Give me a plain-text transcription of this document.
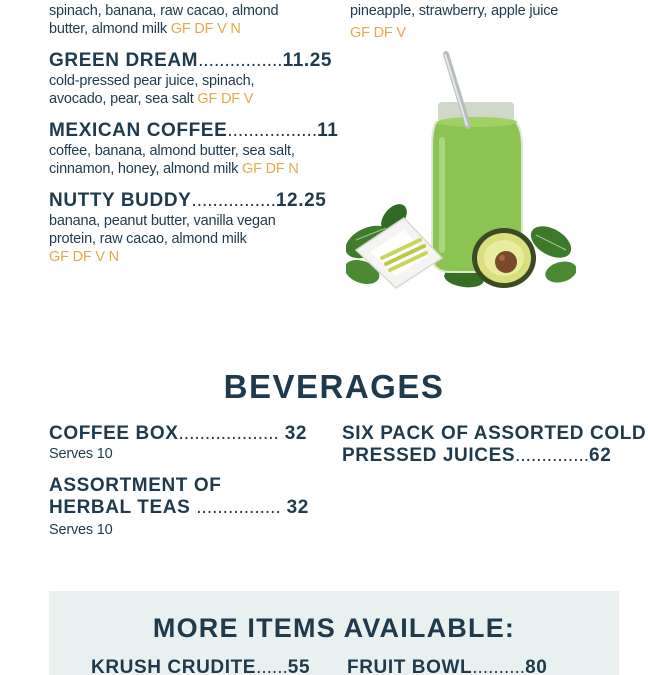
spinach, banana, raw cacao, almond butter, almond milk GF DF V N
pineapple, strawberry, apple juice
GF DF V
GREEN DREAM................11.25
cold-pressed pear juice, spinach, avocado, pear, sea salt GF DF V
MEXICAN COFFEE.................11
coffee, banana, almond butter, sea salt, cinnamon, honey, almond milk GF DF N
NUTTY BUDDY................12.25
banana, peanut butter, vanilla vegan protein, raw cacao, almond milk
GF DF V N
BEVERAGES
COFFEE BOX................... 32
Serves 10
ASSORTMENT OF
HERBAL TEAS ................ 32
Serves 10
SIX PACK OF ASSORTED COLD
PRESSED JUICES..............62
MORE ITEMS AVAILABLE:
KRUSH CRUDITE......55 FRUIT BOWL..........80
